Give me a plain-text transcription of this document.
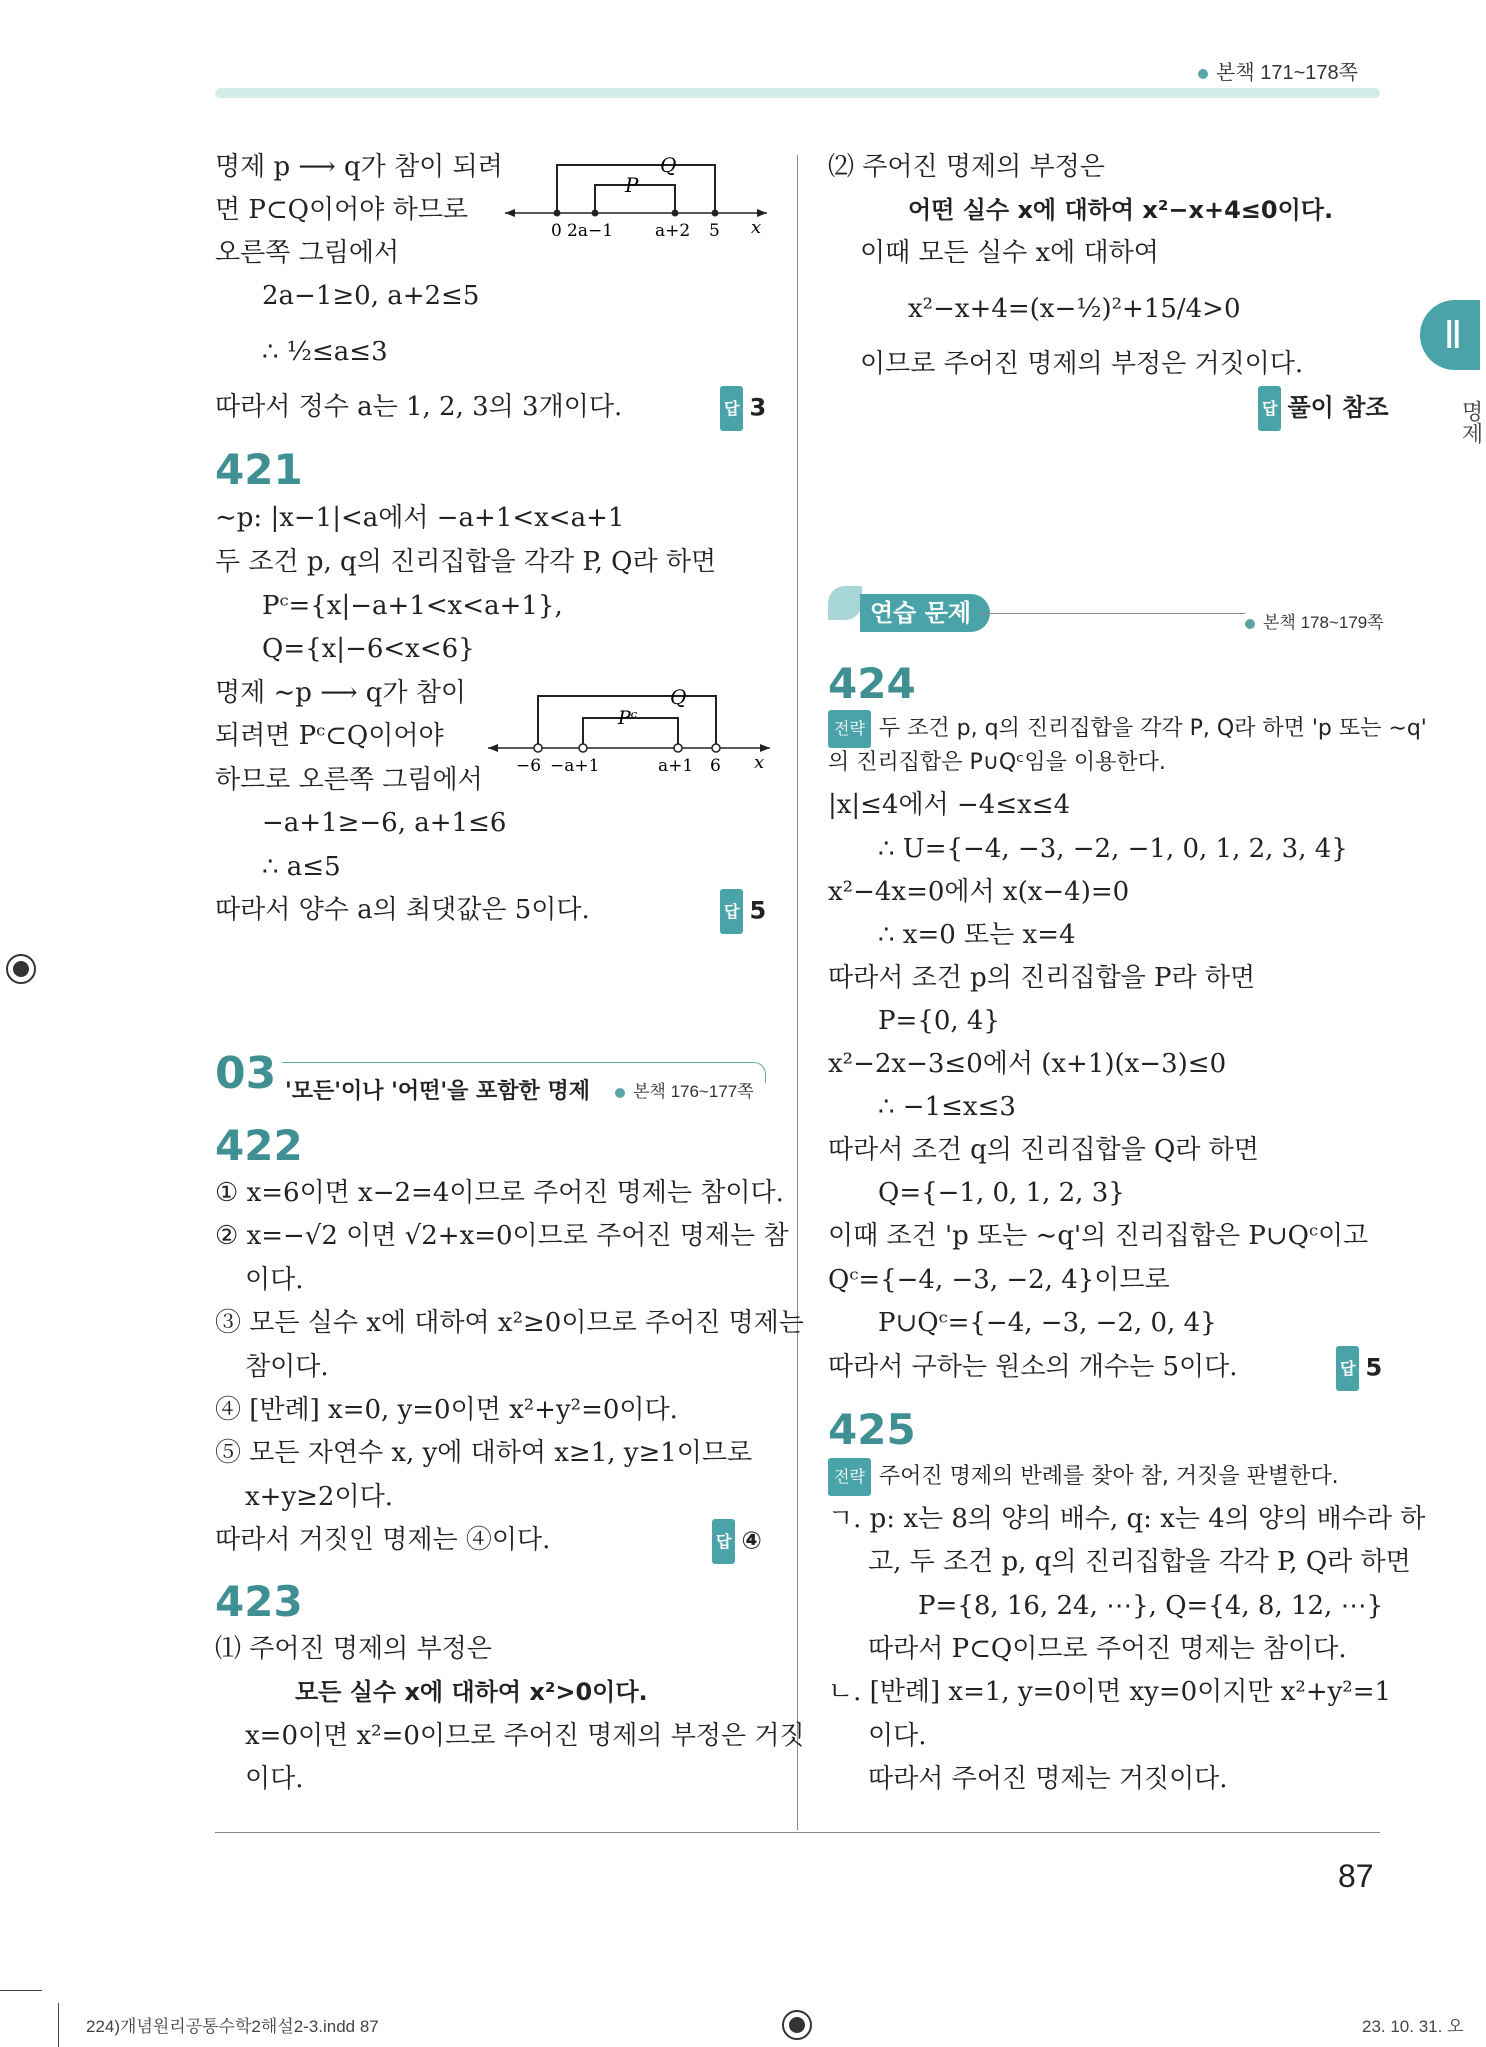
본책 171~178쪽
Ⅱ
명제
명제 p ⟶ q가 참이 되려
면 P⊂Q이어야 하므로
오른쪽 그림에서
2a−1≥0, a+2≤5
∴ ½≤a≤3
따라서 정수 a는 1, 2, 3의 3개이다.	답 3
Q
P
0 2a−1 a+2 5 x
421
∼p: |x−1|<a에서 −a+1<x<a+1
두 조건 p, q의 진리집합을 각각 P, Q라 하면
Pᶜ={x|−a+1<x<a+1},
Q={x|−6<x<6}
명제 ∼p ⟶ q가 참이
되려면 Pᶜ⊂Q이어야
하므로 오른쪽 그림에서
−a+1≥−6, a+1≤6
∴ a≤5
따라서 양수 a의 최댓값은 5이다.	답 5
Q
Pᶜ
−6 −a+1	a+1 6 x
03 '모든'이나 '어떤'을 포함한 명제	본책 176~177쪽
422
① x=6이면 x−2=4이므로 주어진 명제는 참이다.
② x=−√2 이면 √2+x=0이므로 주어진 명제는 참
이다.
③ 모든 실수 x에 대하여 x²≥0이므로 주어진 명제는
참이다.
④ [반례] x=0, y=0이면 x²+y²=0이다.
⑤ 모든 자연수 x, y에 대하여 x≥1, y≥1이므로
x+y≥2이다.
따라서 거짓인 명제는 ④이다.	답 ④
423
⑴ 주어진 명제의 부정은
모든 실수 x에 대하여 x²>0이다.
x=0이면 x²=0이므로 주어진 명제의 부정은 거짓
이다.
⑵ 주어진 명제의 부정은
어떤 실수 x에 대하여 x²−x+4≤0이다.
이때 모든 실수 x에 대하여
x²−x+4=(x−½)²+15/4>0
이므로 주어진 명제의 부정은 거짓이다.
답 풀이 참조
연습 문제	본책 178~179쪽
424
전략 두 조건 p, q의 진리집합을 각각 P, Q라 하면 'p 또는 ∼q'
의 진리집합은 P∪Qᶜ임을 이용한다.
|x|≤4에서 −4≤x≤4
∴ U={−4, −3, −2, −1, 0, 1, 2, 3, 4}
x²−4x=0에서 x(x−4)=0
∴ x=0 또는 x=4
따라서 조건 p의 진리집합을 P라 하면
P={0, 4}
x²−2x−3≤0에서 (x+1)(x−3)≤0
∴ −1≤x≤3
따라서 조건 q의 진리집합을 Q라 하면
Q={−1, 0, 1, 2, 3}
이때 조건 'p 또는 ∼q'의 진리집합은 P∪Qᶜ이고
Qᶜ={−4, −3, −2, 4}이므로
P∪Qᶜ={−4, −3, −2, 0, 4}
따라서 구하는 원소의 개수는 5이다.	답 5
425
전략 주어진 명제의 반례를 찾아 참, 거짓을 판별한다.
ㄱ. p: x는 8의 양의 배수, q: x는 4의 양의 배수라 하
고, 두 조건 p, q의 진리집합을 각각 P, Q라 하면
P={8, 16, 24, ⋯}, Q={4, 8, 12, ⋯}
따라서 P⊂Q이므로 주어진 명제는 참이다.
ㄴ. [반례] x=1, y=0이면 xy=0이지만 x²+y²=1
이다.
따라서 주어진 명제는 거짓이다.
87
224)개념원리공통수학2해설2-3.indd 87	23. 10. 31. 오
